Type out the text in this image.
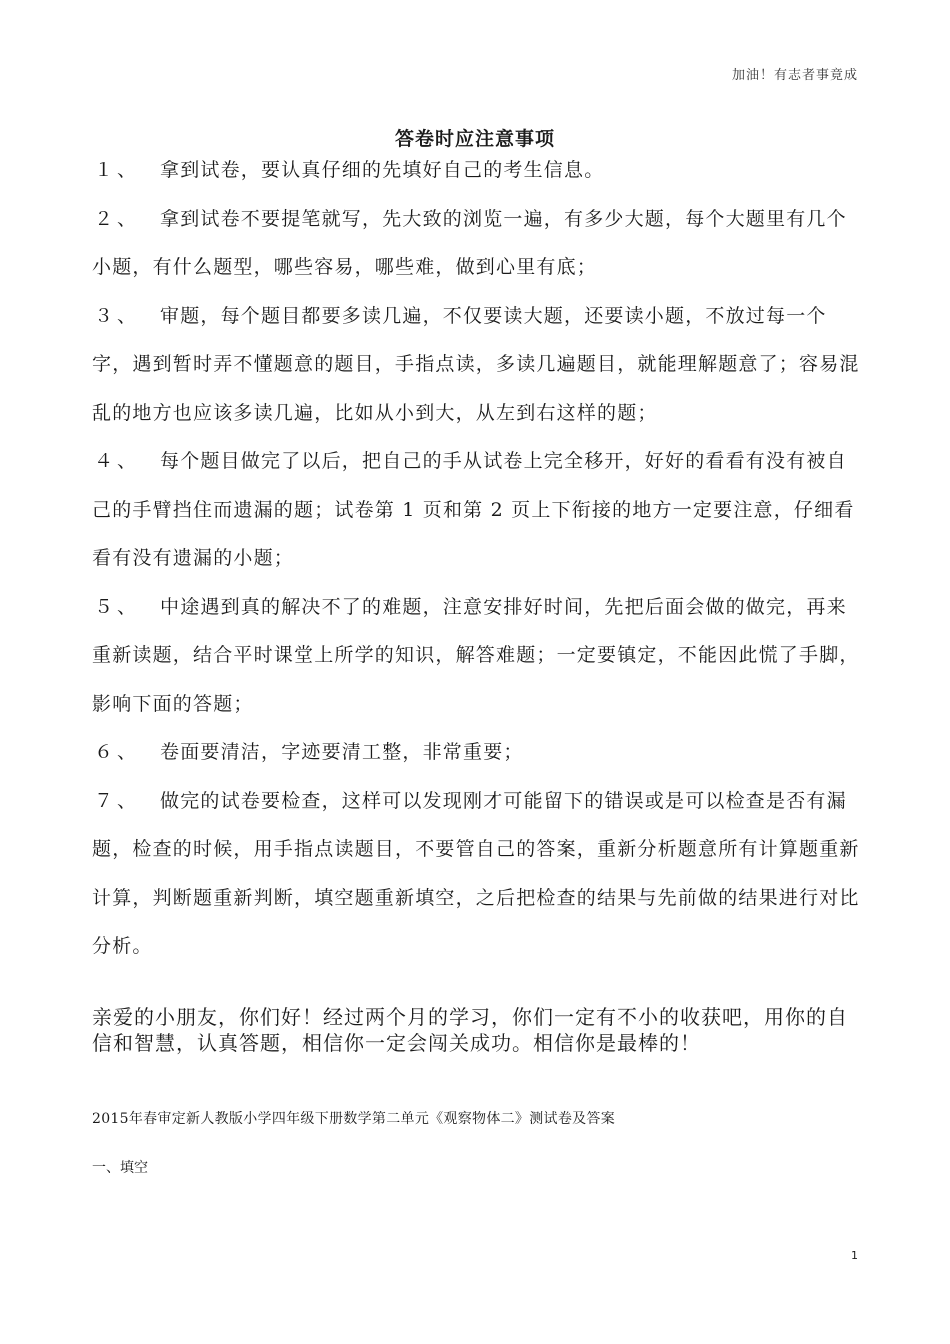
加油！有志者事竟成
答卷时应注意事项

１、 拿到试卷，要认真仔细的先填好自己的考生信息。

２、 拿到试卷不要提笔就写，先大致的浏览一遍，有多少大题，每个大题里有几个小题，有什么题型，哪些容易，哪些难，做到心里有底；

３、 审题，每个题目都要多读几遍，不仅要读大题，还要读小题，不放过每一个字，遇到暂时弄不懂题意的题目，手指点读，多读几遍题目，就能理解题意了；容易混乱的地方也应该多读几遍，比如从小到大，从左到右这样的题；

４、 每个题目做完了以后，把自己的手从试卷上完全移开，好好的看看有没有被自己的手臂挡住而遗漏的题；试卷第 1 页和第 2 页上下衔接的地方一定要注意，仔细看看有没有遗漏的小题；

５、 中途遇到真的解决不了的难题，注意安排好时间，先把后面会做的做完，再来重新读题，结合平时课堂上所学的知识，解答难题；一定要镇定，不能因此慌了手脚，影响下面的答题；

６、 卷面要清洁，字迹要清工整，非常重要；

７、 做完的试卷要检查，这样可以发现刚才可能留下的错误或是可以检查是否有漏题，检查的时候，用手指点读题目，不要管自己的答案，重新分析题意所有计算题重新计算，判断题重新判断，填空题重新填空，之后把检查的结果与先前做的结果进行对比分析。

亲爱的小朋友，你们好！经过两个月的学习，你们一定有不小的收获吧，用你的自信和智慧，认真答题，相信你一定会闯关成功。相信你是最棒的！

2015年春审定新人教版小学四年级下册数学第二单元《观察物体二》测试卷及答案

一、填空

1
